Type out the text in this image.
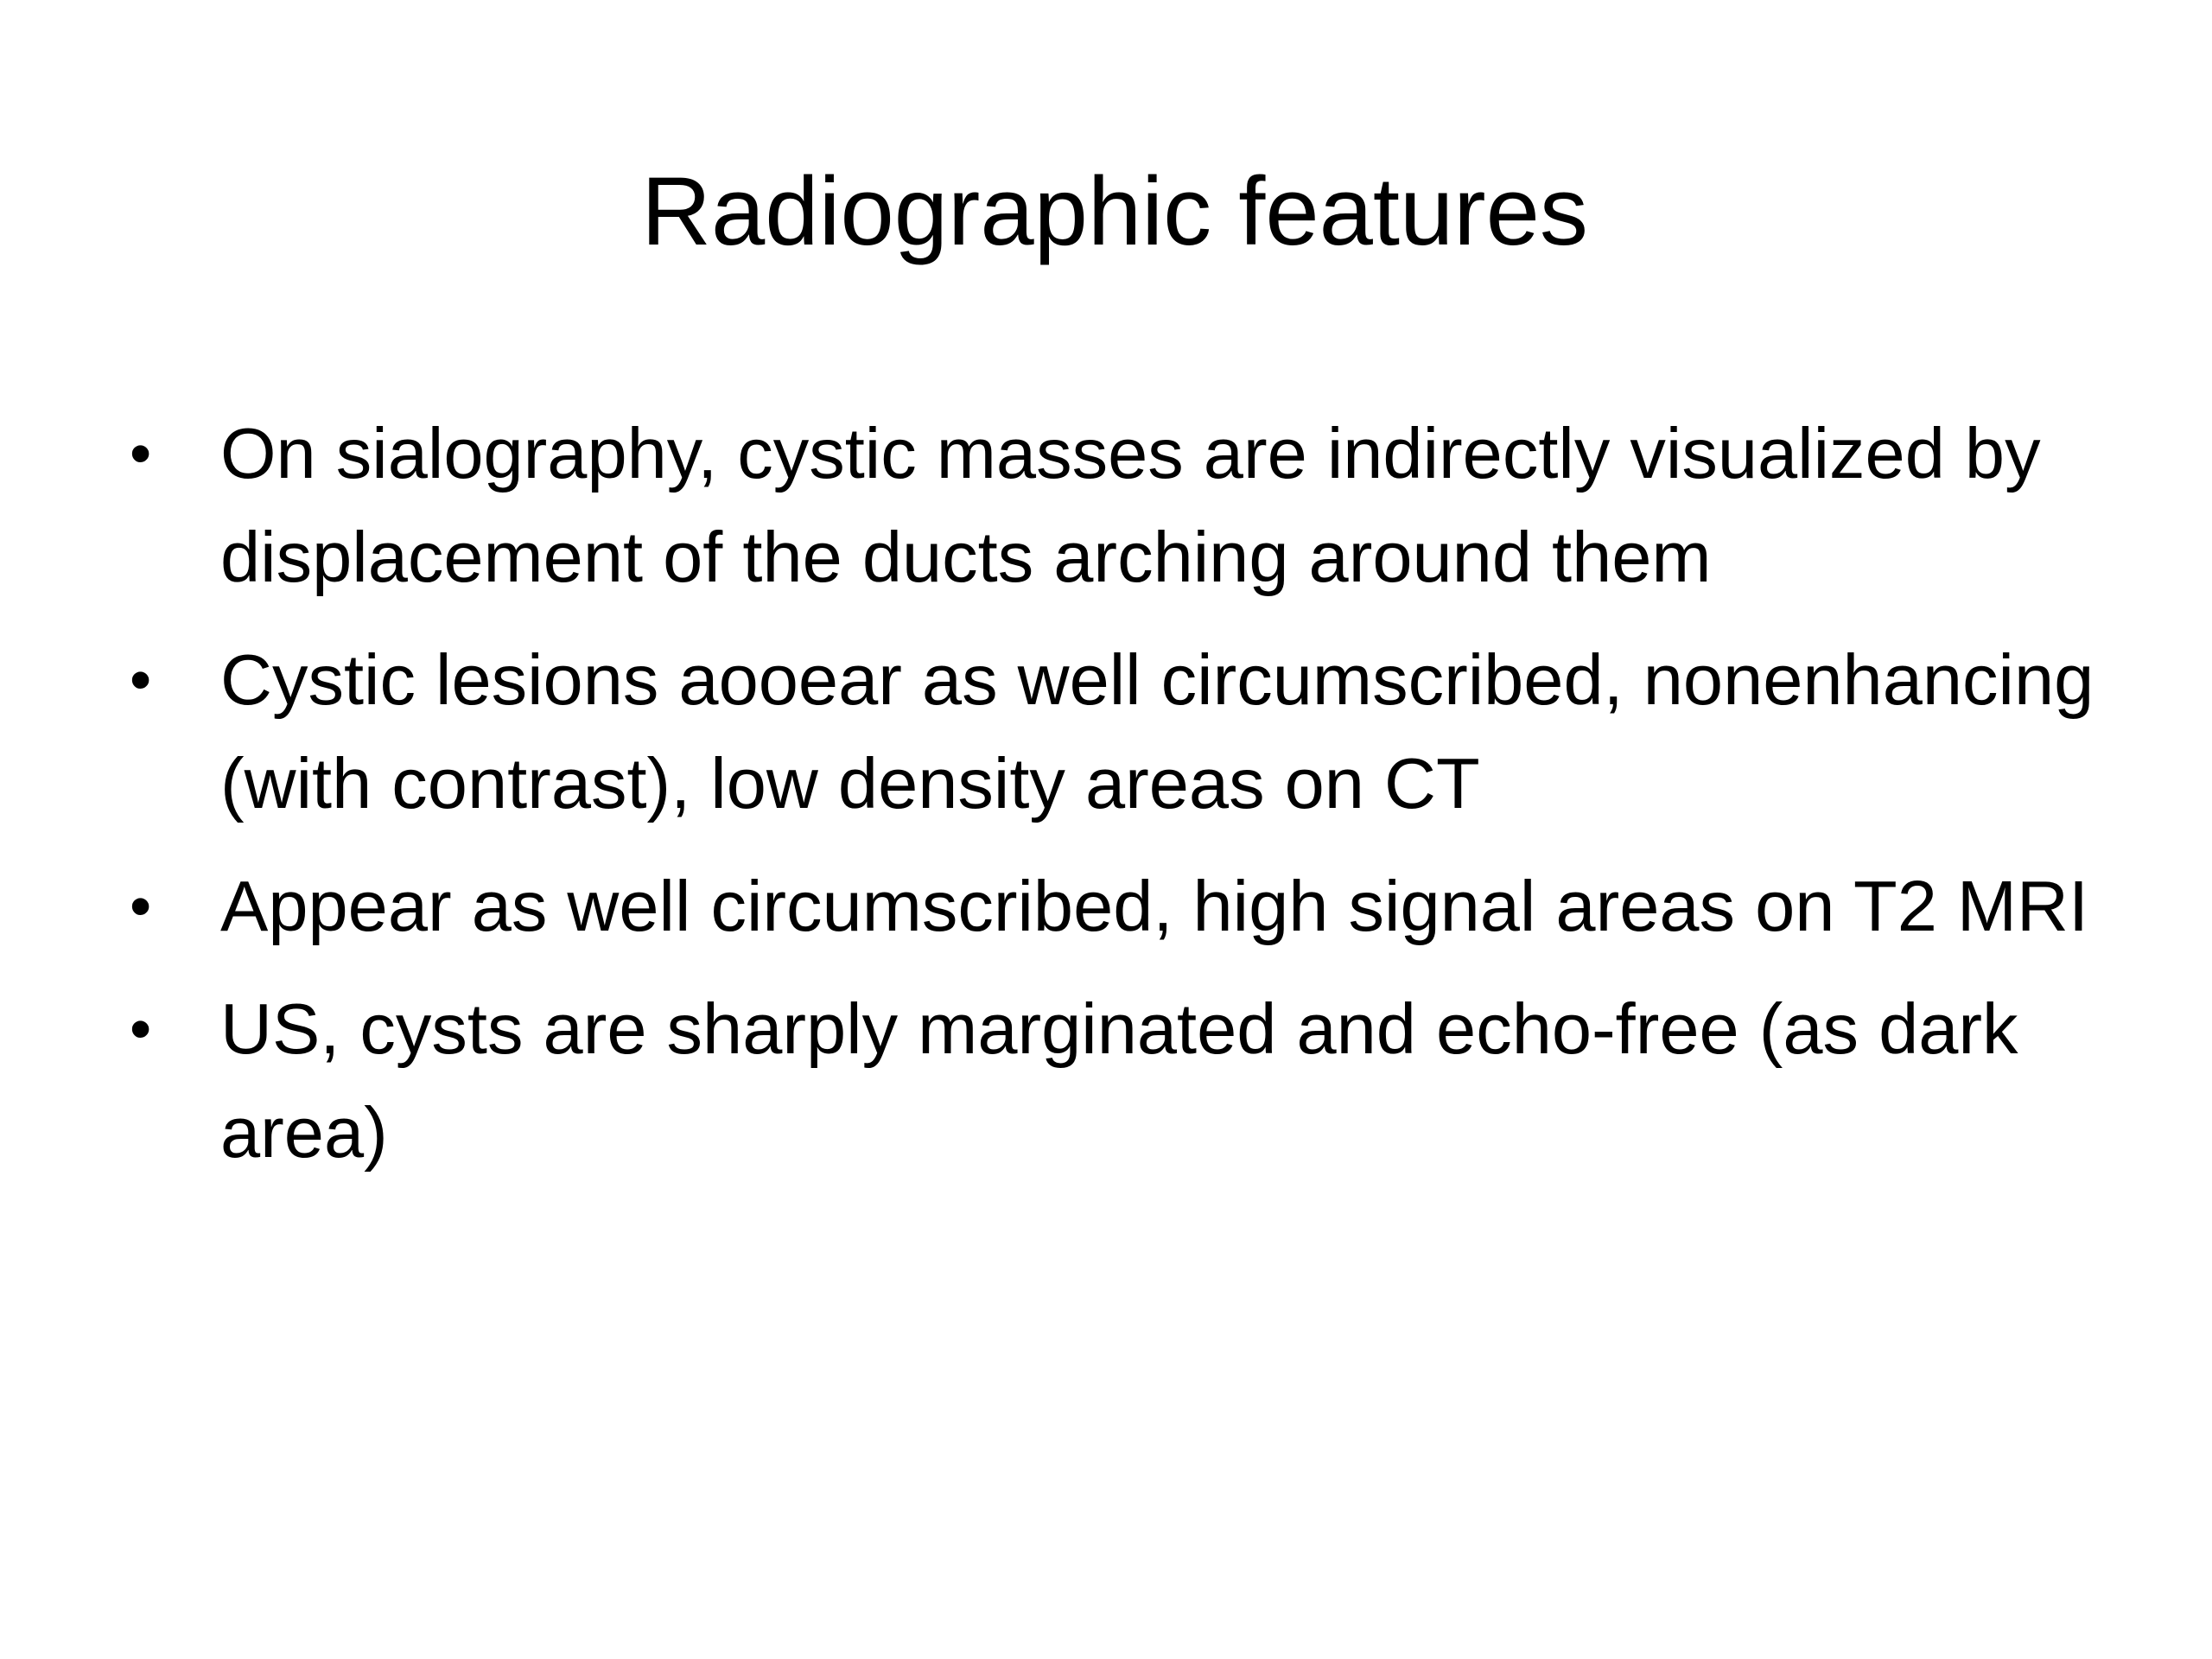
Radiographic features
• On sialography, cystic masses are indirectly visualized by displacement of the ducts arching around them
• Cystic lesions aooear as well circumscribed, nonenhancing (with contrast), low density areas on CT
• Appear as well circumscribed, high signal areas on T2 MRI
• US, cysts are sharply marginated and echo-free (as dark area)
